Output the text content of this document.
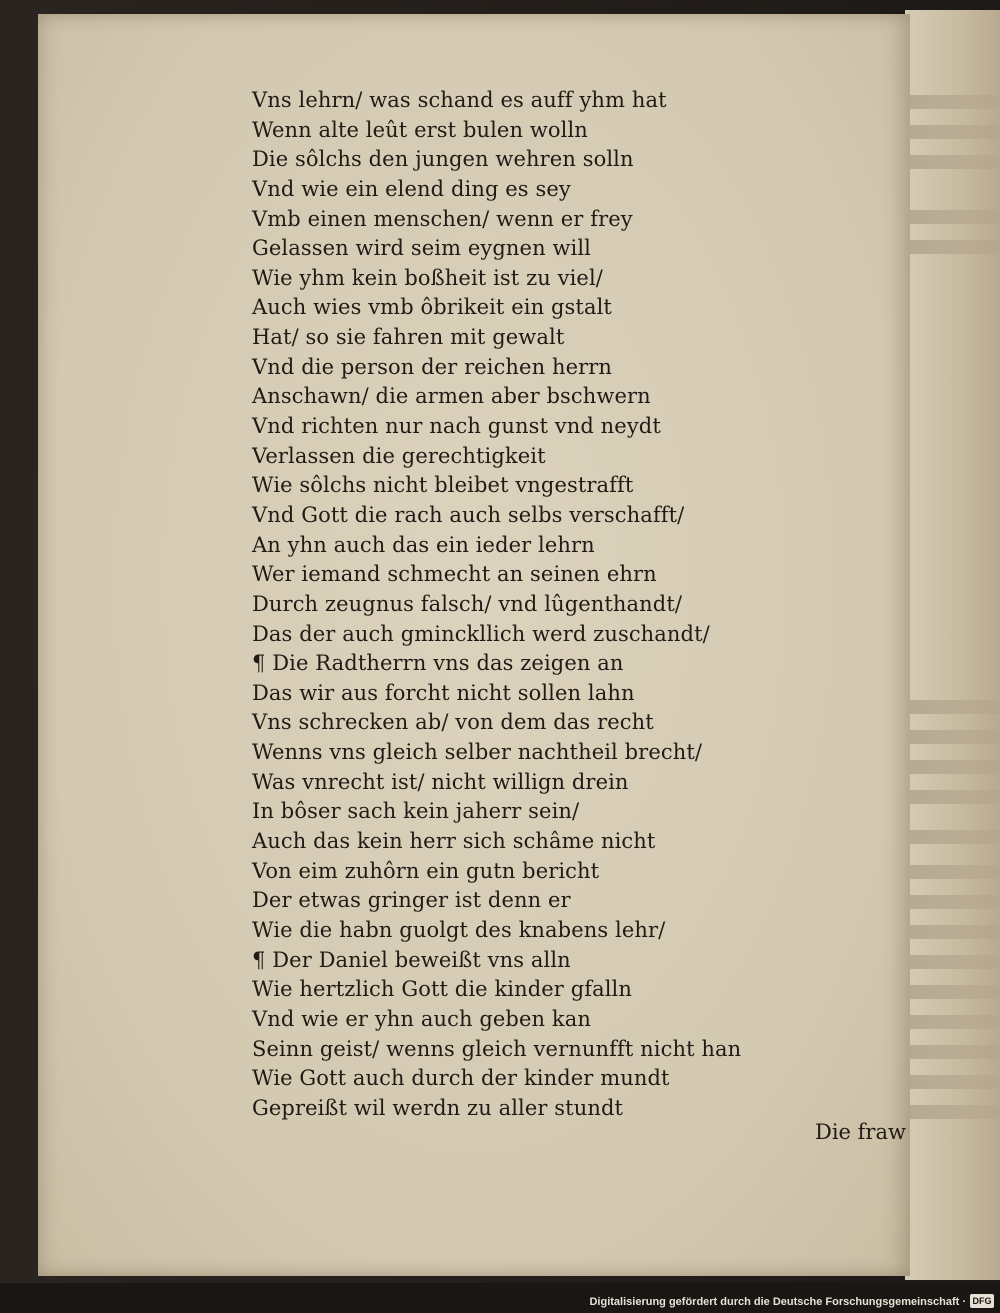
Vns lehrn/ was schand es auff yhm hat
Wenn alte leût erst bulen wolln
Die sôlchs den jungen wehren solln
Vnd wie ein elend ding es sey
Vmb einen menschen/ wenn er frey
Gelassen wird seim eygnen will
Wie yhm kein boßheit ist zu viel/
Auch wies vmb ôbrikeit ein gstalt
Hat/ so sie fahren mit gewalt
Vnd die person der reichen herrn
Anschawn/ die armen aber bschwern
Vnd richten nur nach gunst vnd neydt
Verlassen die gerechtigkeit
Wie sôlchs nicht bleibet vngestrafft
Vnd Gott die rach auch selbs verschafft/
An yhn auch das ein ieder lehrn
Wer iemand schmecht an seinen ehrn
Durch zeugnus falsch/ vnd lûgenthandt/
Das der auch gminckllich werd zuschandt/
¶ Die Radtherrn vns das zeigen an
Das wir aus forcht nicht sollen lahn
Vns schrecken ab/ von dem das recht
Wenns vns gleich selber nachtheil brecht/
Was vnrecht ist/ nicht willign drein
In bôser sach kein jaherr sein/
Auch das kein herr sich schâme nicht
Von eim zuhôrn ein gutn bericht
Der etwas gringer ist denn er
Wie die habn guolgt des knabens lehr/
¶ Der Daniel beweißt vns alln
Wie hertzlich Gott die kinder gfalln
Vnd wie er yhn auch geben kan
Seinn geist/ wenns gleich vernunfft nicht han
Wie Gott auch durch der kinder mundt
Gepreißt wil werdn zu aller stundt
Die fraw
Digitalisierung gefördert durch die Deutsche Forschungsgemeinschaft · DFG
